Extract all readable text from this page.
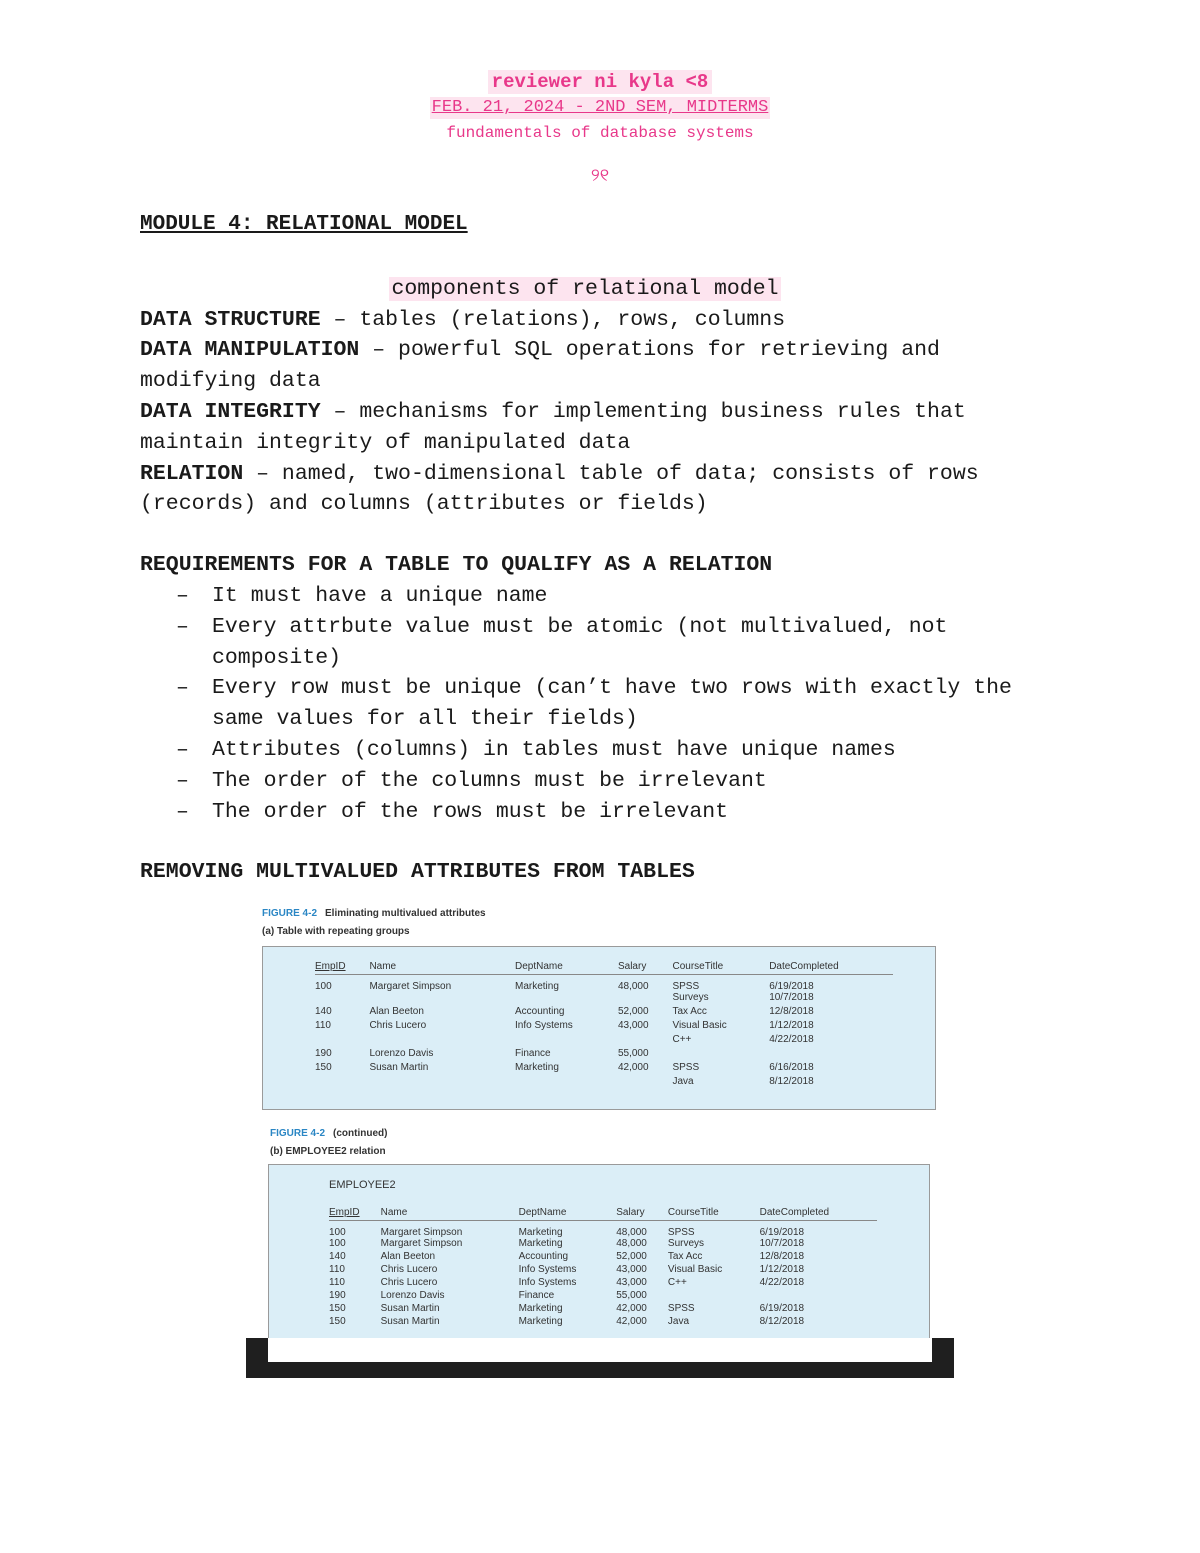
reviewer ni kyla <8
FEB. 21, 2024 - 2ND SEM, MIDTERMS
fundamentals of database systems
୨୧
MODULE 4: RELATIONAL MODEL
components of relational model
DATA STRUCTURE – tables (relations), rows, columns
DATA MANIPULATION – powerful SQL operations for retrieving and modifying data
DATA INTEGRITY – mechanisms for implementing business rules that maintain integrity of manipulated data
RELATION – named, two-dimensional table of data; consists of rows (records) and columns (attributes or fields)
REQUIREMENTS FOR A TABLE TO QUALIFY AS A RELATION
– It must have a unique name
– Every attrbute value must be atomic (not multivalued, not composite)
– Every row must be unique (can’t have two rows with exactly the same values for all their fields)
– Attributes (columns) in tables must have unique names
– The order of the columns must be irrelevant
– The order of the rows must be irrelevant
REMOVING MULTIVALUED ATTRIBUTES FROM TABLES
FIGURE 4-2 Eliminating multivalued attributes
(a) Table with repeating groups
EmpID	Name	DeptName	Salary	CourseTitle	DateCompleted
100	Margaret Simpson	Marketing	48,000	SPSS	6/19/2018
				Surveys	10/7/2018
140	Alan Beeton	Accounting	52,000	Tax Acc	12/8/2018
110	Chris Lucero	Info Systems	43,000	Visual Basic	1/12/2018
				C++	4/22/2018
190	Lorenzo Davis	Finance	55,000		
150	Susan Martin	Marketing	42,000	SPSS	6/16/2018
				Java	8/12/2018
FIGURE 4-2 (continued)
(b) EMPLOYEE2 relation
EMPLOYEE2
EmpID	Name	DeptName	Salary	CourseTitle	DateCompleted
100	Margaret Simpson	Marketing	48,000	SPSS	6/19/2018
100	Margaret Simpson	Marketing	48,000	Surveys	10/7/2018
140	Alan Beeton	Accounting	52,000	Tax Acc	12/8/2018
110	Chris Lucero	Info Systems	43,000	Visual Basic	1/12/2018
110	Chris Lucero	Info Systems	43,000	C++	4/22/2018
190	Lorenzo Davis	Finance	55,000		
150	Susan Martin	Marketing	42,000	SPSS	6/19/2018
150	Susan Martin	Marketing	42,000	Java	8/12/2018
